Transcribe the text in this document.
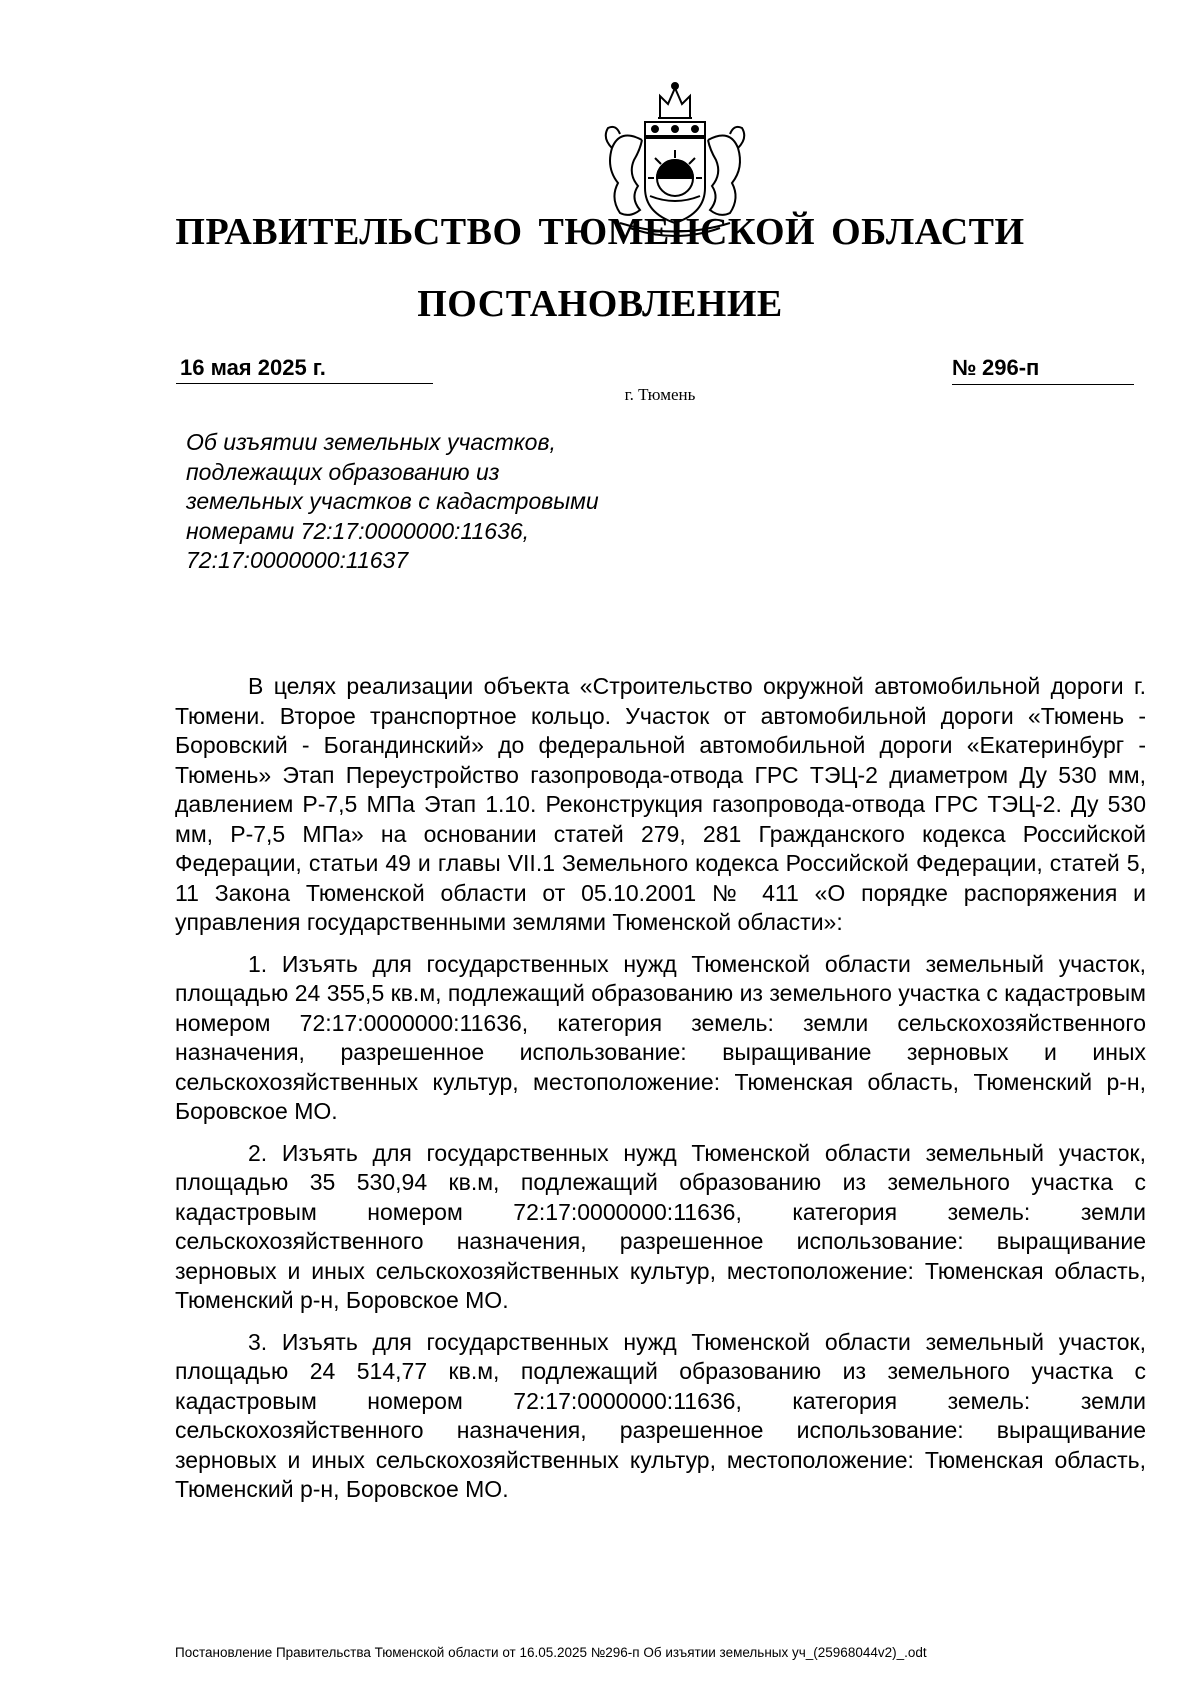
ПРАВИТЕЛЬСТВО ТЮМЕНСКОЙ ОБЛАСТИ
ПОСТАНОВЛЕНИЕ
16 мая 2025 г.	№ 296-п
г. Тюмень
Об изъятии земельных участков,
подлежащих образованию из
земельных участков с кадастровыми
номерами 72:17:0000000:11636,
72:17:0000000:11637

В целях реализации объекта «Строительство окружной автомобильной дороги г. Тюмени. Второе транспортное кольцо. Участок от автомобильной дороги «Тюмень - Боровский - Богандинский» до федеральной автомобильной дороги «Екатеринбург - Тюмень» Этап Переустройство газопровода-отвода ГРС ТЭЦ-2 диаметром Ду 530 мм, давлением Р-7,5 МПа Этап 1.10. Реконструкция газопровода-отвода ГРС ТЭЦ-2. Ду 530 мм, Р-7,5 МПа» на основании статей 279, 281 Гражданского кодекса Российской Федерации, статьи 49 и главы VII.1 Земельного кодекса Российской Федерации, статей 5, 11 Закона Тюменской области от 05.10.2001 № 411 «О порядке распоряжения и управления государственными землями Тюменской области»:

1. Изъять для государственных нужд Тюменской области земельный участок, площадью 24 355,5 кв.м, подлежащий образованию из земельного участка с кадастровым номером 72:17:0000000:11636, категория земель: земли сельскохозяйственного назначения, разрешенное использование: выращивание зерновых и иных сельскохозяйственных культур, местоположение: Тюменская область, Тюменский р-н, Боровское МО.

2. Изъять для государственных нужд Тюменской области земельный участок, площадью 35 530,94 кв.м, подлежащий образованию из земельного участка с кадастровым номером 72:17:0000000:11636, категория земель: земли сельскохозяйственного назначения, разрешенное использование: выращивание зерновых и иных сельскохозяйственных культур, местоположение: Тюменская область, Тюменский р-н, Боровское МО.

3. Изъять для государственных нужд Тюменской области земельный участок, площадью 24 514,77 кв.м, подлежащий образованию из земельного участка с кадастровым номером 72:17:0000000:11636, категория земель: земли сельскохозяйственного назначения, разрешенное использование: выращивание зерновых и иных сельскохозяйственных культур, местоположение: Тюменская область, Тюменский р-н, Боровское МО.

Постановление Правительства Тюменской области от 16.05.2025 №296-п Об изъятии земельных уч_(25968044v2)_.odt
